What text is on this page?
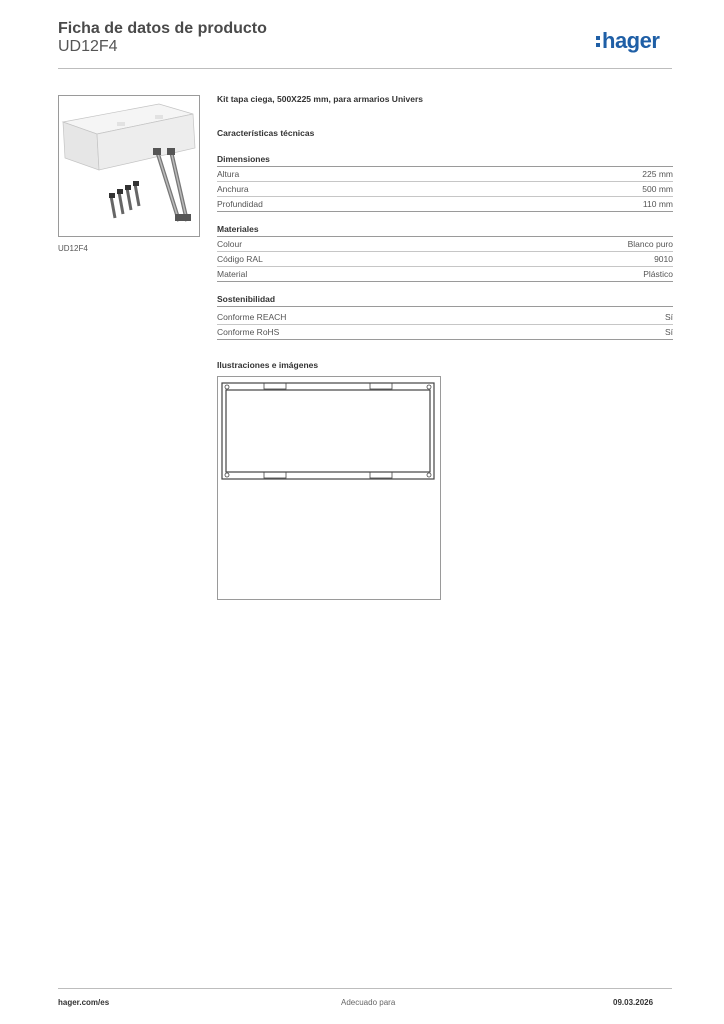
Ficha de datos de producto
UD12F4	hager
UD12F4

Kit tapa ciega, 500X225 mm, para armarios Univers

Características técnicas

Dimensiones

Altura	225 mm
Anchura	500 mm
Profundidad	110 mm

Materiales

Colour	Blanco puro
Código RAL	9010
Material	Plástico

Sostenibilidad

Conforme REACH	Sí
Conforme RoHS	Sí

Ilustraciones e imágenes

hager.com/es	Adecuado para	09.03.2026
